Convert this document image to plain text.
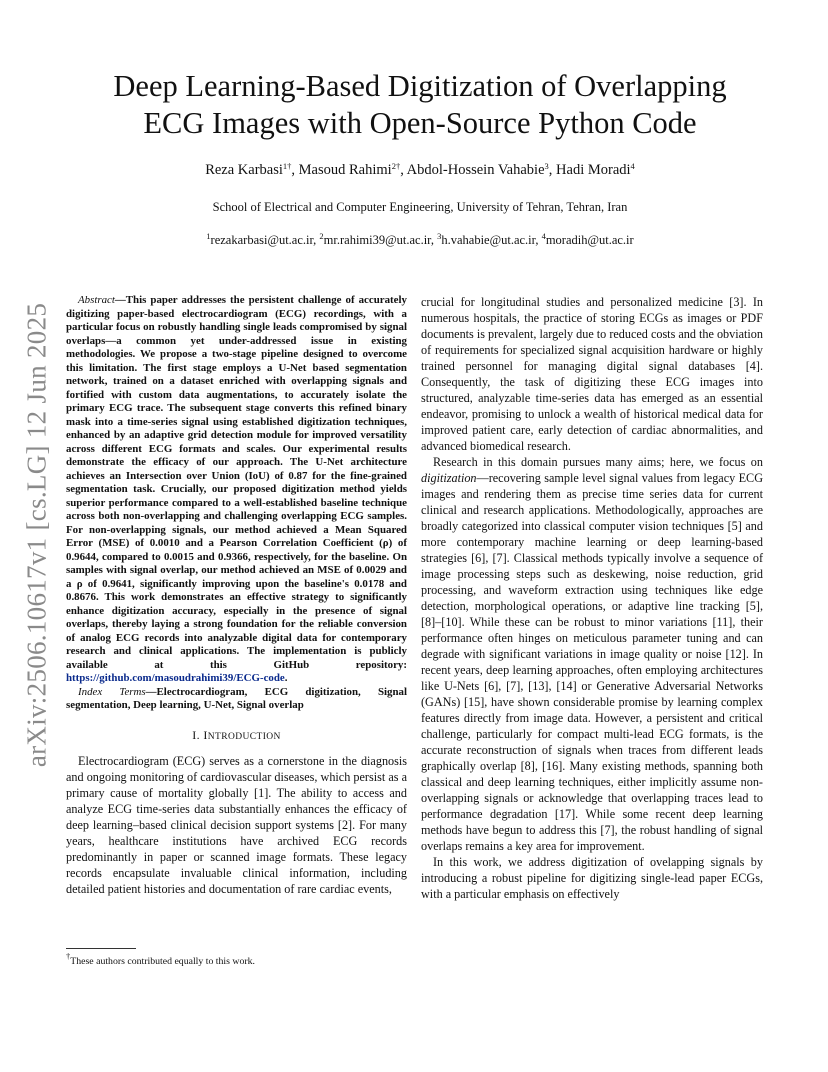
arXiv:2506.10617v1 [cs.LG] 12 Jun 2025
Deep Learning-Based Digitization of Overlapping
ECG Images with Open-Source Python Code
Reza Karbasi$^{1\dagger}$, Masoud Rahimi$^{2\dagger}$, Abdol-Hossein Vahabie$^3$, Hadi Moradi$^4$
School of Electrical and Computer Engineering, University of Tehran, Tehran, Iran
$^1$rezakarbasi@ut.ac.ir, $^2$mr.rahimi39@ut.ac.ir, $^3$h.vahabie@ut.ac.ir, $^4$moradih@ut.ac.ir

Abstract—This paper addresses the persistent challenge of accurately digitizing paper-based electrocardiogram (ECG) recordings, with a particular focus on robustly handling single leads compromised by signal overlaps—a common yet under-addressed issue in existing methodologies. We propose a two-stage pipeline designed to overcome this limitation. The first stage employs a U-Net based segmentation network, trained on a dataset enriched with overlapping signals and fortified with custom data augmentations, to accurately isolate the primary ECG trace. The subsequent stage converts this refined binary mask into a time-series signal using established digitization techniques, enhanced by an adaptive grid detection module for improved versatility across different ECG formats and scales. Our experimental results demonstrate the efficacy of our approach. The U-Net architecture achieves an Intersection over Union (IoU) of 0.87 for the fine-grained segmentation task. Crucially, our proposed digitization method yields superior performance compared to a well-established baseline technique across both non-overlapping and challenging overlapping ECG samples. For non-overlapping signals, our method achieved a Mean Squared Error (MSE) of 0.0010 and a Pearson Correlation Coefficient (ρ) of 0.9644, compared to 0.0015 and 0.9366, respectively, for the baseline. On samples with signal overlap, our method achieved an MSE of 0.0029 and a ρ of 0.9641, significantly improving upon the baseline's 0.0178 and 0.8676. This work demonstrates an effective strategy to significantly enhance digitization accuracy, especially in the presence of signal overlaps, thereby laying a strong foundation for the reliable conversion of analog ECG records into analyzable digital data for contemporary research and clinical applications. The implementation is publicly available at this GitHub repository: https://github.com/masoudrahimi39/ECG-code.

Index Terms—Electrocardiogram, ECG digitization, Signal segmentation, Deep learning, U-Net, Signal overlap

I. INTRODUCTION

Electrocardiogram (ECG) serves as a cornerstone in the diagnosis and ongoing monitoring of cardiovascular diseases, which persist as a primary cause of mortality globally [1]. The ability to access and analyze ECG time-series data substantially enhances the efficacy of deep learning–based clinical decision support systems [2]. For many years, healthcare institutions have archived ECG records predominantly in paper or scanned image formats. These legacy records encapsulate invaluable clinical information, including detailed patient histories and documentation of rare cardiac events,

crucial for longitudinal studies and personalized medicine [3]. In numerous hospitals, the practice of storing ECGs as images or PDF documents is prevalent, largely due to reduced costs and the obviation of requirements for specialized signal acquisition hardware or highly trained personnel for managing digital signal databases [4]. Consequently, the task of digitizing these ECG images into structured, analyzable time-series data has emerged as an essential endeavor, promising to unlock a wealth of historical medical data for improved patient care, early detection of cardiac abnormalities, and advanced biomedical research.

Research in this domain pursues many aims; here, we focus on digitization—recovering sample level signal values from legacy ECG images and rendering them as precise time series data for current clinical and research applications. Methodologically, approaches are broadly categorized into classical computer vision techniques [5] and more contemporary machine learning or deep learning-based strategies [6], [7]. Classical methods typically involve a sequence of image processing steps such as deskewing, noise reduction, grid processing, and waveform extraction using techniques like edge detection, morphological operations, or adaptive line tracking [5], [8]–[10]. While these can be robust to minor variations [11], their performance often hinges on meticulous parameter tuning and can degrade with significant variations in image quality or noise [12]. In recent years, deep learning approaches, often employing architectures like U-Nets [6], [7], [13], [14] or Generative Adversarial Networks (GANs) [15], have shown considerable promise by learning complex features directly from image data. However, a persistent and critical challenge, particularly for compact multi-lead ECG formats, is the accurate reconstruction of signals when traces from different leads graphically overlap [8], [16]. Many existing methods, spanning both classical and deep learning techniques, either implicitly assume non-overlapping signals or acknowledge that overlapping traces lead to performance degradation [17]. While some recent deep learning methods have begun to address this [7], the robust handling of signal overlaps remains a key area for improvement.

In this work, we address digitization of ovelapping signals by introducing a robust pipeline for digitizing single-lead paper ECGs, with a particular emphasis on effectively

†These authors contributed equally to this work.
